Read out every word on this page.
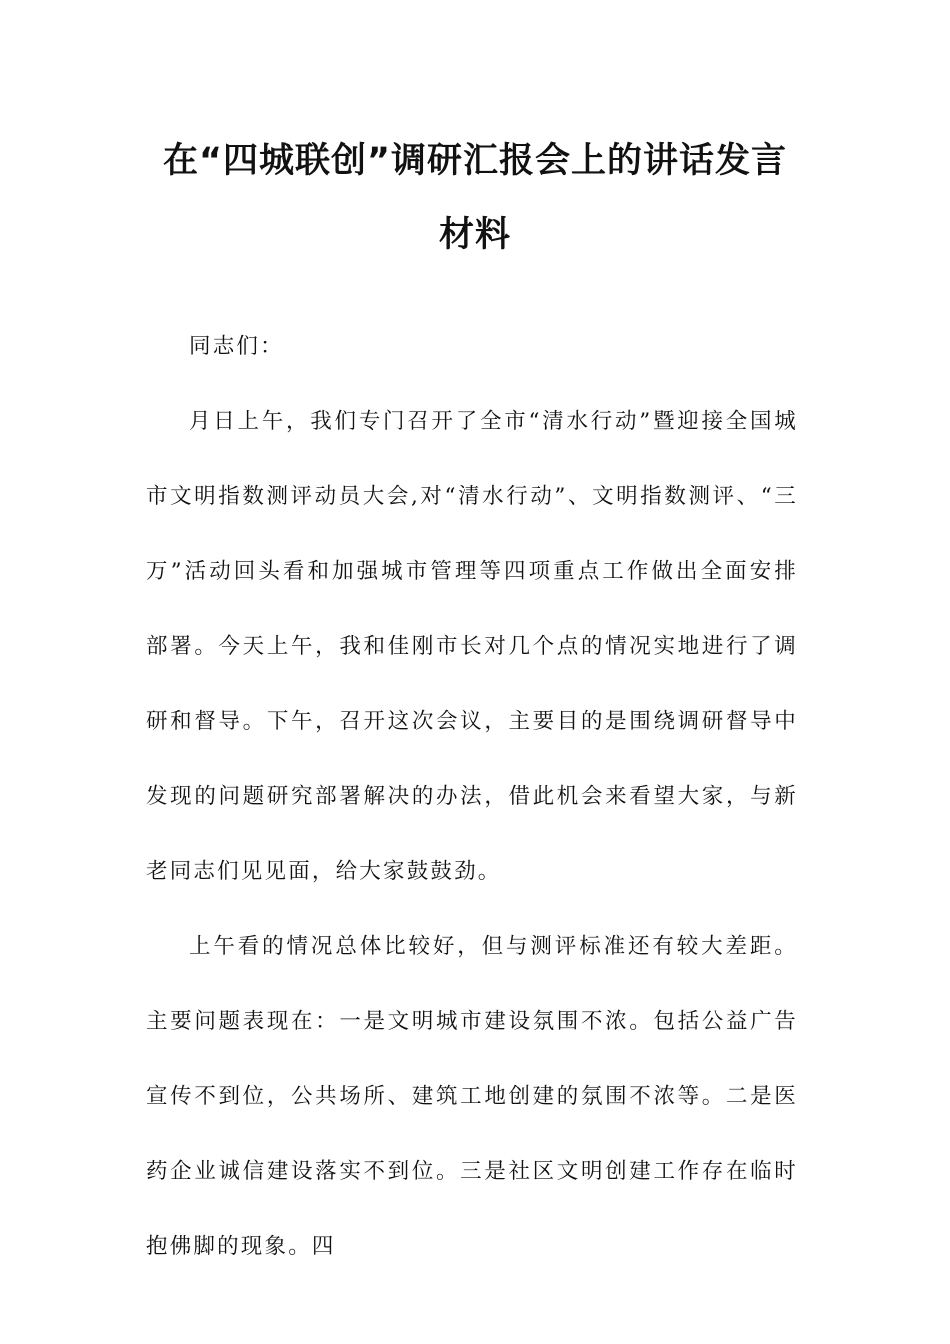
在“四城联创”调研汇报会上的讲话发言
材料

同志们：

月日上午，我们专门召开了全市“清水行动”暨迎接全国城市文明指数测评动员大会,对“清水行动”、文明指数测评、“三万”活动回头看和加强城市管理等四项重点工作做出全面安排部署。今天上午，我和佳刚市长对几个点的情况实地进行了调研和督导。下午，召开这次会议，主要目的是围绕调研督导中发现的问题研究部署解决的办法，借此机会来看望大家，与新老同志们见见面，给大家鼓鼓劲。

上午看的情况总体比较好，但与测评标准还有较大差距。主要问题表现在：一是文明城市建设氛围不浓。包括公益广告宣传不到位，公共场所、建筑工地创建的氛围不浓等。二是医药企业诚信建设落实不到位。三是社区文明创建工作存在临时抱佛脚的现象。四
